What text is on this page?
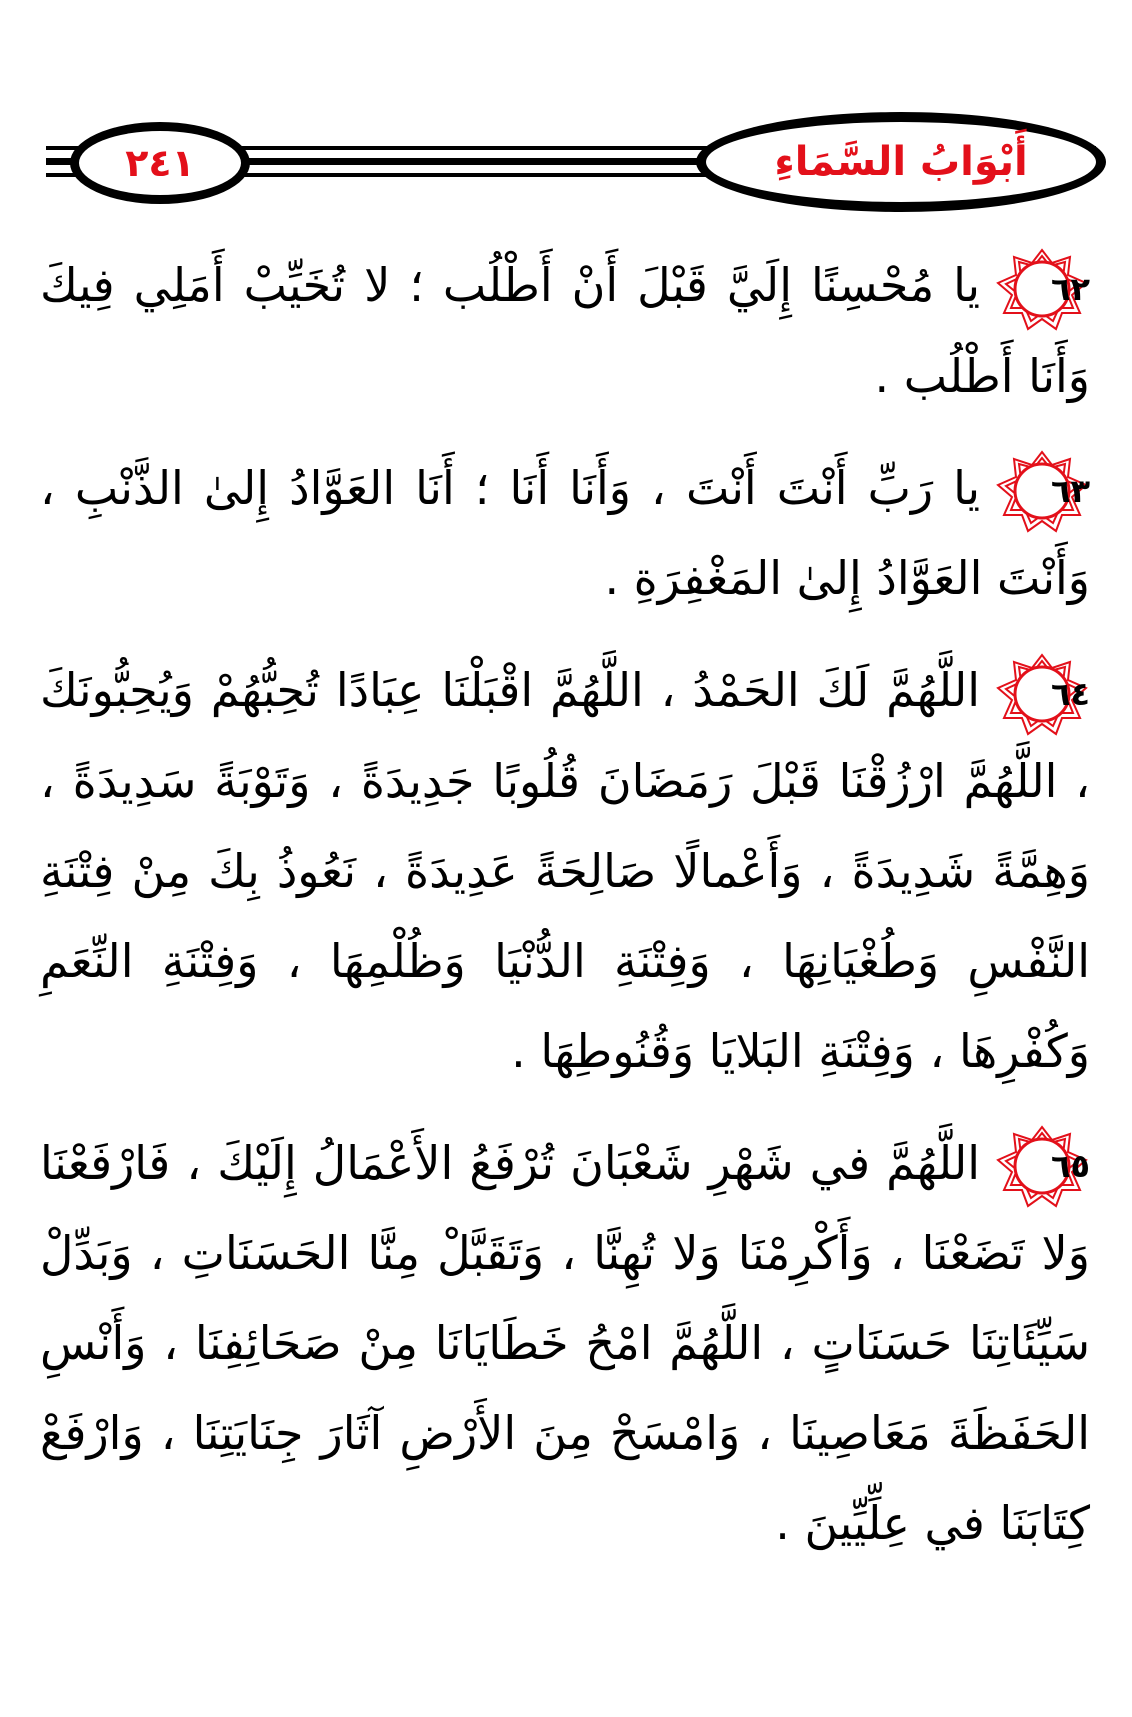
٢٤١	أَبْوَابُ السَّمَاءِ

٦٢
يا مُحْسِنًا إِلَيَّ قَبْلَ أَنْ أَطْلُب ؛ لا تُخَيِّبْ أَمَلِي فِيكَ وَأَنَا أَطْلُب .

٦٣
يا رَبِّ أَنْتَ أَنْتَ ، وَأَنَا أَنَا ؛ أَنَا العَوَّادُ إِلىٰ الذَّنْبِ ، وَأَنْتَ العَوَّادُ إِلىٰ المَغْفِرَةِ .

٦٤
اللَّهُمَّ لَكَ الحَمْدُ ، اللَّهُمَّ اقْبَلْنَا عِبَادًا تُحِبُّهُمْ وَيُحِبُّونَكَ ، اللَّهُمَّ ارْزُقْنَا قَبْلَ رَمَضَانَ قُلُوبًا جَدِيدَةً ، وَتَوْبَةً سَدِيدَةً ، وَهِمَّةً شَدِيدَةً ، وَأَعْمالًا صَالِحَةً عَدِيدَةً ، نَعُوذُ بِكَ مِنْ فِتْنَةِ النَّفْسِ وَطُغْيَانِهَا ، وَفِتْنَةِ الدُّنْيَا وَظُلْمِهَا ، وَفِتْنَةِ النِّعَمِ وَكُفْرِهَا ، وَفِتْنَةِ البَلايَا وَقُنُوطِهَا .

٦٥
اللَّهُمَّ في شَهْرِ شَعْبَانَ تُرْفَعُ الأَعْمَالُ إِلَيْكَ ، فَارْفَعْنَا وَلا تَضَعْنَا ، وَأَكْرِمْنَا وَلا تُهِنَّا ، وَتَقَبَّلْ مِنَّا الحَسَنَاتِ ، وَبَدِّلْ سَيِّئَاتِنَا حَسَنَاتٍ ، اللَّهُمَّ امْحُ خَطَايَانَا مِنْ صَحَائِفِنَا ، وَأَنْسِ الحَفَظَةَ مَعَاصِينَا ، وَامْسَحْ مِنَ الأَرْضِ آثَارَ جِنَايَتِنَا ، وَارْفَعْ كِتَابَنَا في عِلِّيِّينَ .
